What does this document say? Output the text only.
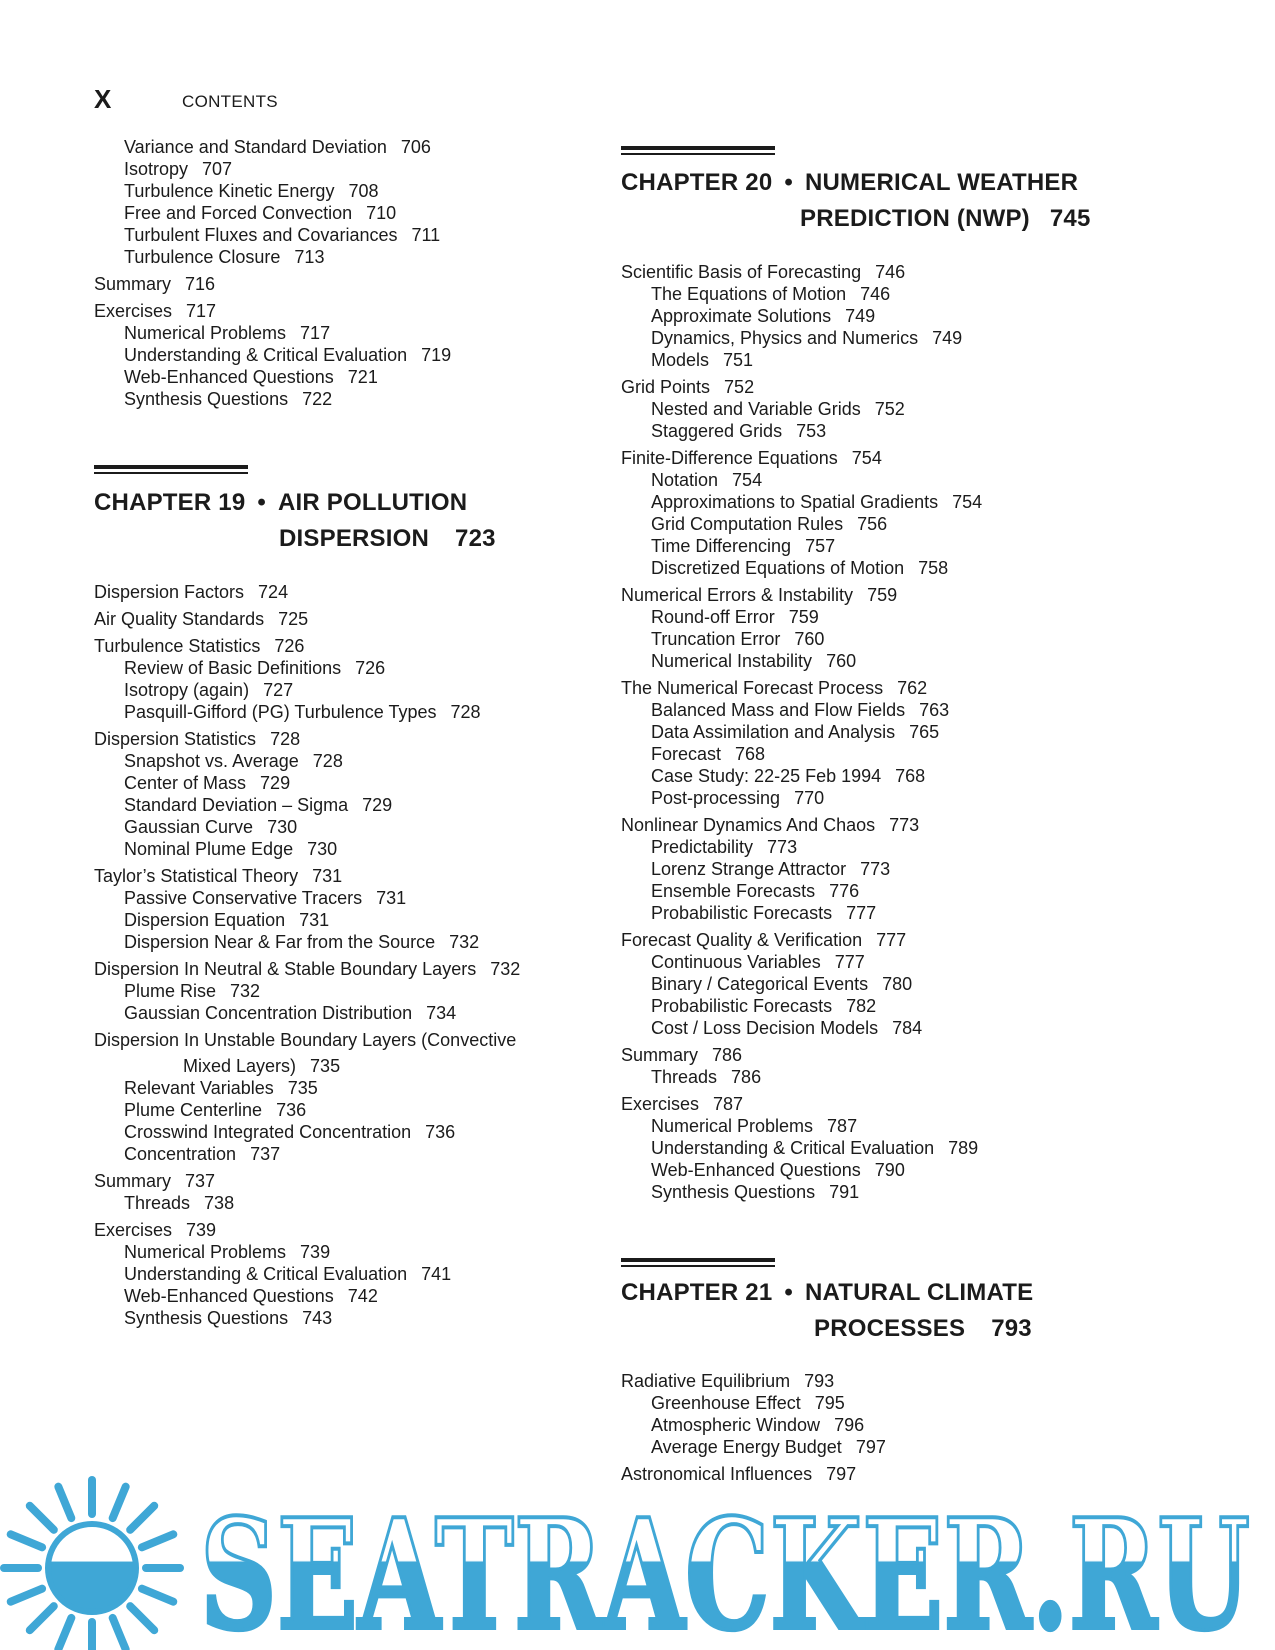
X	CONTENTS
Variance and Standard Deviation 706
Isotropy 707
Turbulence Kinetic Energy 708
Free and Forced Convection 710
Turbulent Fluxes and Covariances 711
Turbulence Closure 713
Summary 716
Exercises 717
Numerical Problems 717
Understanding & Critical Evaluation 719
Web-Enhanced Questions 721
Synthesis Questions 722
CHAPTER 19 • AIR POLLUTION
DISPERSION 723
Dispersion Factors 724
Air Quality Standards 725
Turbulence Statistics 726
Review of Basic Definitions 726
Isotropy (again) 727
Pasquill-Gifford (PG) Turbulence Types 728
Dispersion Statistics 728
Snapshot vs. Average 728
Center of Mass 729
Standard Deviation – Sigma 729
Gaussian Curve 730
Nominal Plume Edge 730
Taylor’s Statistical Theory 731
Passive Conservative Tracers 731
Dispersion Equation 731
Dispersion Near & Far from the Source 732
Dispersion In Neutral & Stable Boundary Layers 732
Plume Rise 732
Gaussian Concentration Distribution 734
Dispersion In Unstable Boundary Layers (Convective
Mixed Layers) 735
Relevant Variables 735
Plume Centerline 736
Crosswind Integrated Concentration 736
Concentration 737
Summary 737
Threads 738
Exercises 739
Numerical Problems 739
Understanding & Critical Evaluation 741
Web-Enhanced Questions 742
Synthesis Questions 743
CHAPTER 20 • NUMERICAL WEATHER
PREDICTION (NWP) 745
Scientific Basis of Forecasting 746
The Equations of Motion 746
Approximate Solutions 749
Dynamics, Physics and Numerics 749
Models 751
Grid Points 752
Nested and Variable Grids 752
Staggered Grids 753
Finite-Difference Equations 754
Notation 754
Approximations to Spatial Gradients 754
Grid Computation Rules 756
Time Differencing 757
Discretized Equations of Motion 758
Numerical Errors & Instability 759
Round-off Error 759
Truncation Error 760
Numerical Instability 760
The Numerical Forecast Process 762
Balanced Mass and Flow Fields 763
Data Assimilation and Analysis 765
Forecast 768
Case Study: 22-25 Feb 1994 768
Post-processing 770
Nonlinear Dynamics And Chaos 773
Predictability 773
Lorenz Strange Attractor 773
Ensemble Forecasts 776
Probabilistic Forecasts 777
Forecast Quality & Verification 777
Continuous Variables 777
Binary / Categorical Events 780
Probabilistic Forecasts 782
Cost / Loss Decision Models 784
Summary 786
Threads 786
Exercises 787
Numerical Problems 787
Understanding & Critical Evaluation 789
Web-Enhanced Questions 790
Synthesis Questions 791
CHAPTER 21 • NATURAL CLIMATE
PROCESSES 793
Radiative Equilibrium 793
Greenhouse Effect 795
Atmospheric Window 796
Average Energy Budget 797
Astronomical Influences 797
SEATRACKER.RU
